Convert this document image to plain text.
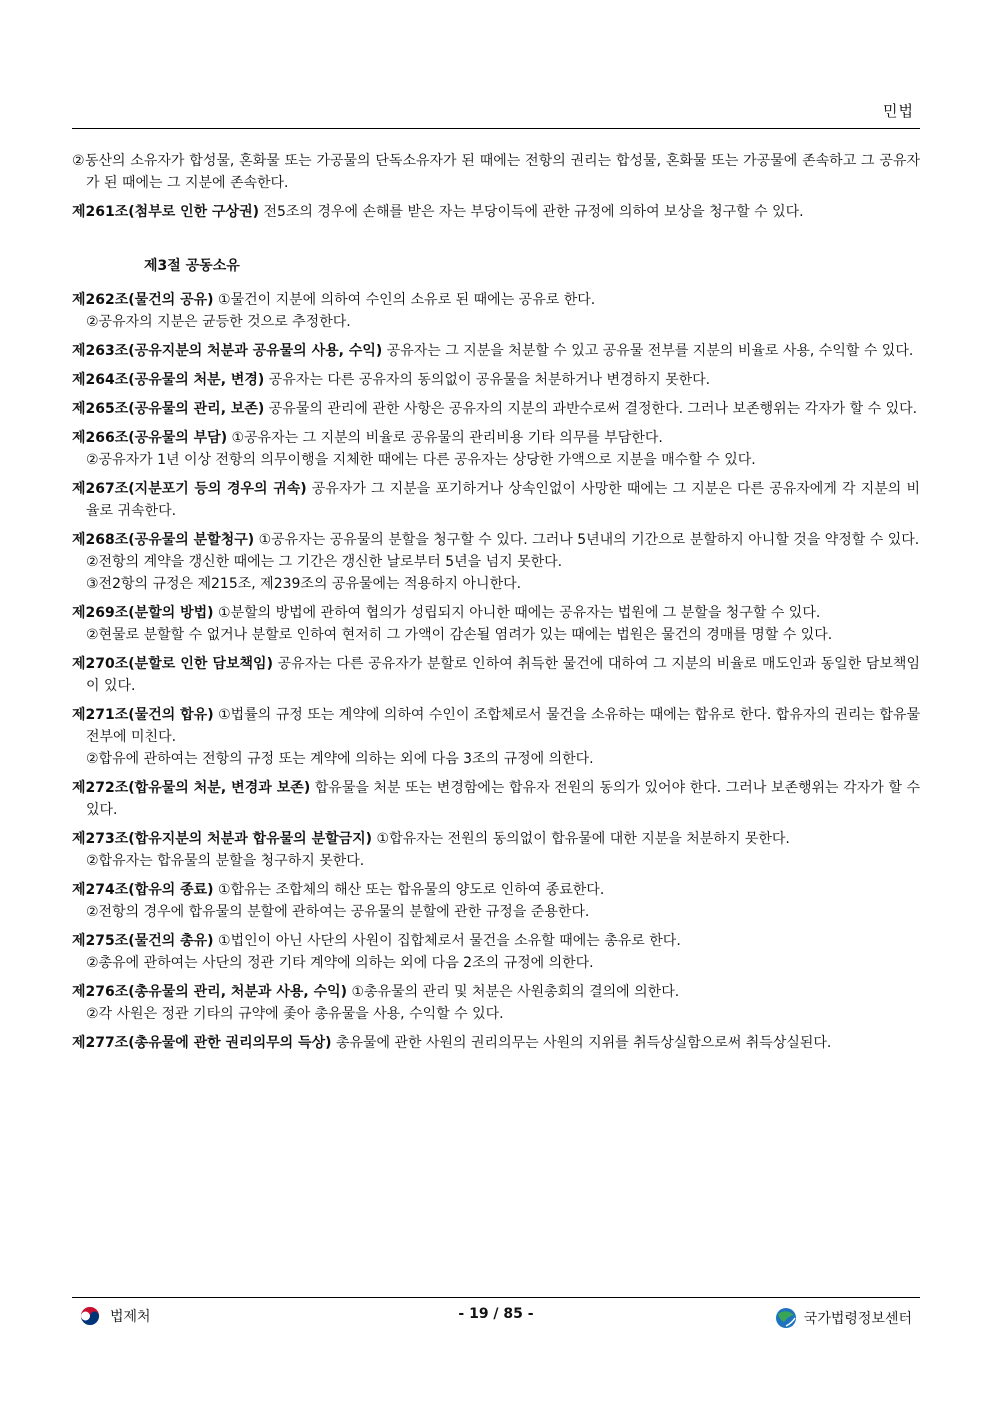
민법

②동산의 소유자가 합성물, 혼화물 또는 가공물의 단독소유자가 된 때에는 전항의 권리는 합성물, 혼화물 또는 가공물에 존속하고 그 공유자가 된 때에는 그 지분에 존속한다.

제261조(첨부로 인한 구상권) 전5조의 경우에 손해를 받은 자는 부당이득에 관한 규정에 의하여 보상을 청구할 수 있다.

제3절 공동소유

제262조(물건의 공유) ①물건이 지분에 의하여 수인의 소유로 된 때에는 공유로 한다.

②공유자의 지분은 균등한 것으로 추정한다.

제263조(공유지분의 처분과 공유물의 사용, 수익) 공유자는 그 지분을 처분할 수 있고 공유물 전부를 지분의 비율로 사용, 수익할 수 있다.

제264조(공유물의 처분, 변경) 공유자는 다른 공유자의 동의없이 공유물을 처분하거나 변경하지 못한다.

제265조(공유물의 관리, 보존) 공유물의 관리에 관한 사항은 공유자의 지분의 과반수로써 결정한다. 그러나 보존행위는 각자가 할 수 있다.

제266조(공유물의 부담) ①공유자는 그 지분의 비율로 공유물의 관리비용 기타 의무를 부담한다.

②공유자가 1년 이상 전항의 의무이행을 지체한 때에는 다른 공유자는 상당한 가액으로 지분을 매수할 수 있다.

제267조(지분포기 등의 경우의 귀속) 공유자가 그 지분을 포기하거나 상속인없이 사망한 때에는 그 지분은 다른 공유자에게 각 지분의 비율로 귀속한다.

제268조(공유물의 분할청구) ①공유자는 공유물의 분할을 청구할 수 있다. 그러나 5년내의 기간으로 분할하지 아니할 것을 약정할 수 있다.

②전항의 계약을 갱신한 때에는 그 기간은 갱신한 날로부터 5년을 넘지 못한다.

③전2항의 규정은 제215조, 제239조의 공유물에는 적용하지 아니한다.

제269조(분할의 방법) ①분할의 방법에 관하여 협의가 성립되지 아니한 때에는 공유자는 법원에 그 분할을 청구할 수 있다.

②현물로 분할할 수 없거나 분할로 인하여 현저히 그 가액이 감손될 염려가 있는 때에는 법원은 물건의 경매를 명할 수 있다.

제270조(분할로 인한 담보책임) 공유자는 다른 공유자가 분할로 인하여 취득한 물건에 대하여 그 지분의 비율로 매도인과 동일한 담보책임이 있다.

제271조(물건의 합유) ①법률의 규정 또는 계약에 의하여 수인이 조합체로서 물건을 소유하는 때에는 합유로 한다. 합유자의 권리는 합유물 전부에 미친다.

②합유에 관하여는 전항의 규정 또는 계약에 의하는 외에 다음 3조의 규정에 의한다.

제272조(합유물의 처분, 변경과 보존) 합유물을 처분 또는 변경함에는 합유자 전원의 동의가 있어야 한다. 그러나 보존행위는 각자가 할 수 있다.

제273조(합유지분의 처분과 합유물의 분할금지) ①합유자는 전원의 동의없이 합유물에 대한 지분을 처분하지 못한다.

②합유자는 합유물의 분할을 청구하지 못한다.

제274조(합유의 종료) ①합유는 조합체의 해산 또는 합유물의 양도로 인하여 종료한다.

②전항의 경우에 합유물의 분할에 관하여는 공유물의 분할에 관한 규정을 준용한다.

제275조(물건의 총유) ①법인이 아닌 사단의 사원이 집합체로서 물건을 소유할 때에는 총유로 한다.

②총유에 관하여는 사단의 정관 기타 계약에 의하는 외에 다음 2조의 규정에 의한다.

제276조(총유물의 관리, 처분과 사용, 수익) ①총유물의 관리 및 처분은 사원총회의 결의에 의한다.

②각 사원은 정관 기타의 규약에 좇아 총유물을 사용, 수익할 수 있다.

제277조(총유물에 관한 권리의무의 득상) 총유물에 관한 사원의 권리의무는 사원의 지위를 취득상실함으로써 취득상실된다.

법제처	- 19 / 85 -	국가법령정보센터
